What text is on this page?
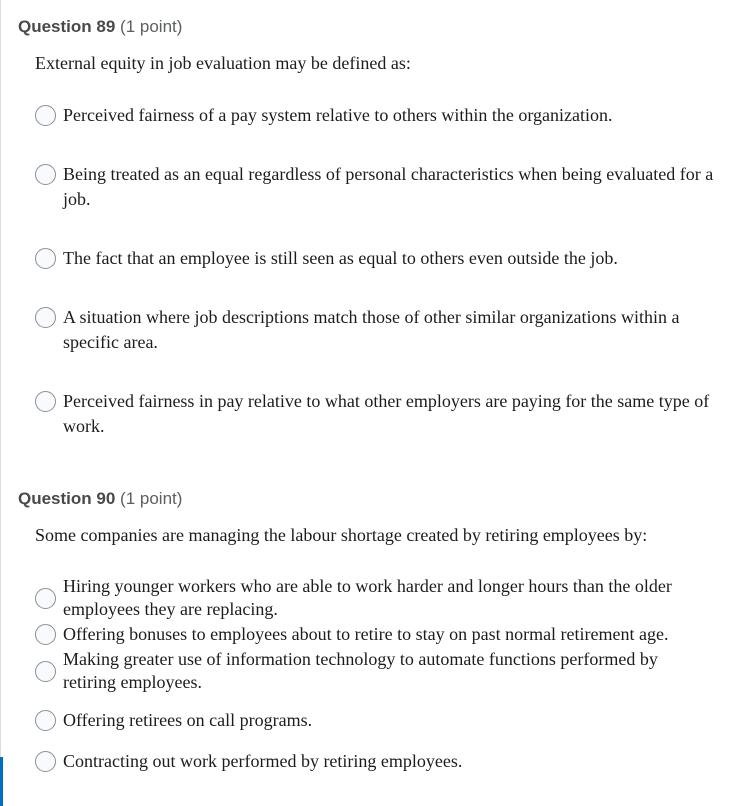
Question 89 (1 point)

External equity in job evaluation may be defined as:

Perceived fairness of a pay system relative to others within the organization.
Being treated as an equal regardless of personal characteristics when being evaluated for a job.
The fact that an employee is still seen as equal to others even outside the job.
A situation where job descriptions match those of other similar organizations within a specific area.
Perceived fairness in pay relative to what other employers are paying for the same type of work.
Question 90 (1 point)

Some companies are managing the labour shortage created by retiring employees by:

Hiring younger workers who are able to work harder and longer hours than the older employees they are replacing.
Offering bonuses to employees about to retire to stay on past normal retirement age.
Making greater use of information technology to automate functions performed by retiring employees.
Offering retirees on call programs.
Contracting out work performed by retiring employees.
